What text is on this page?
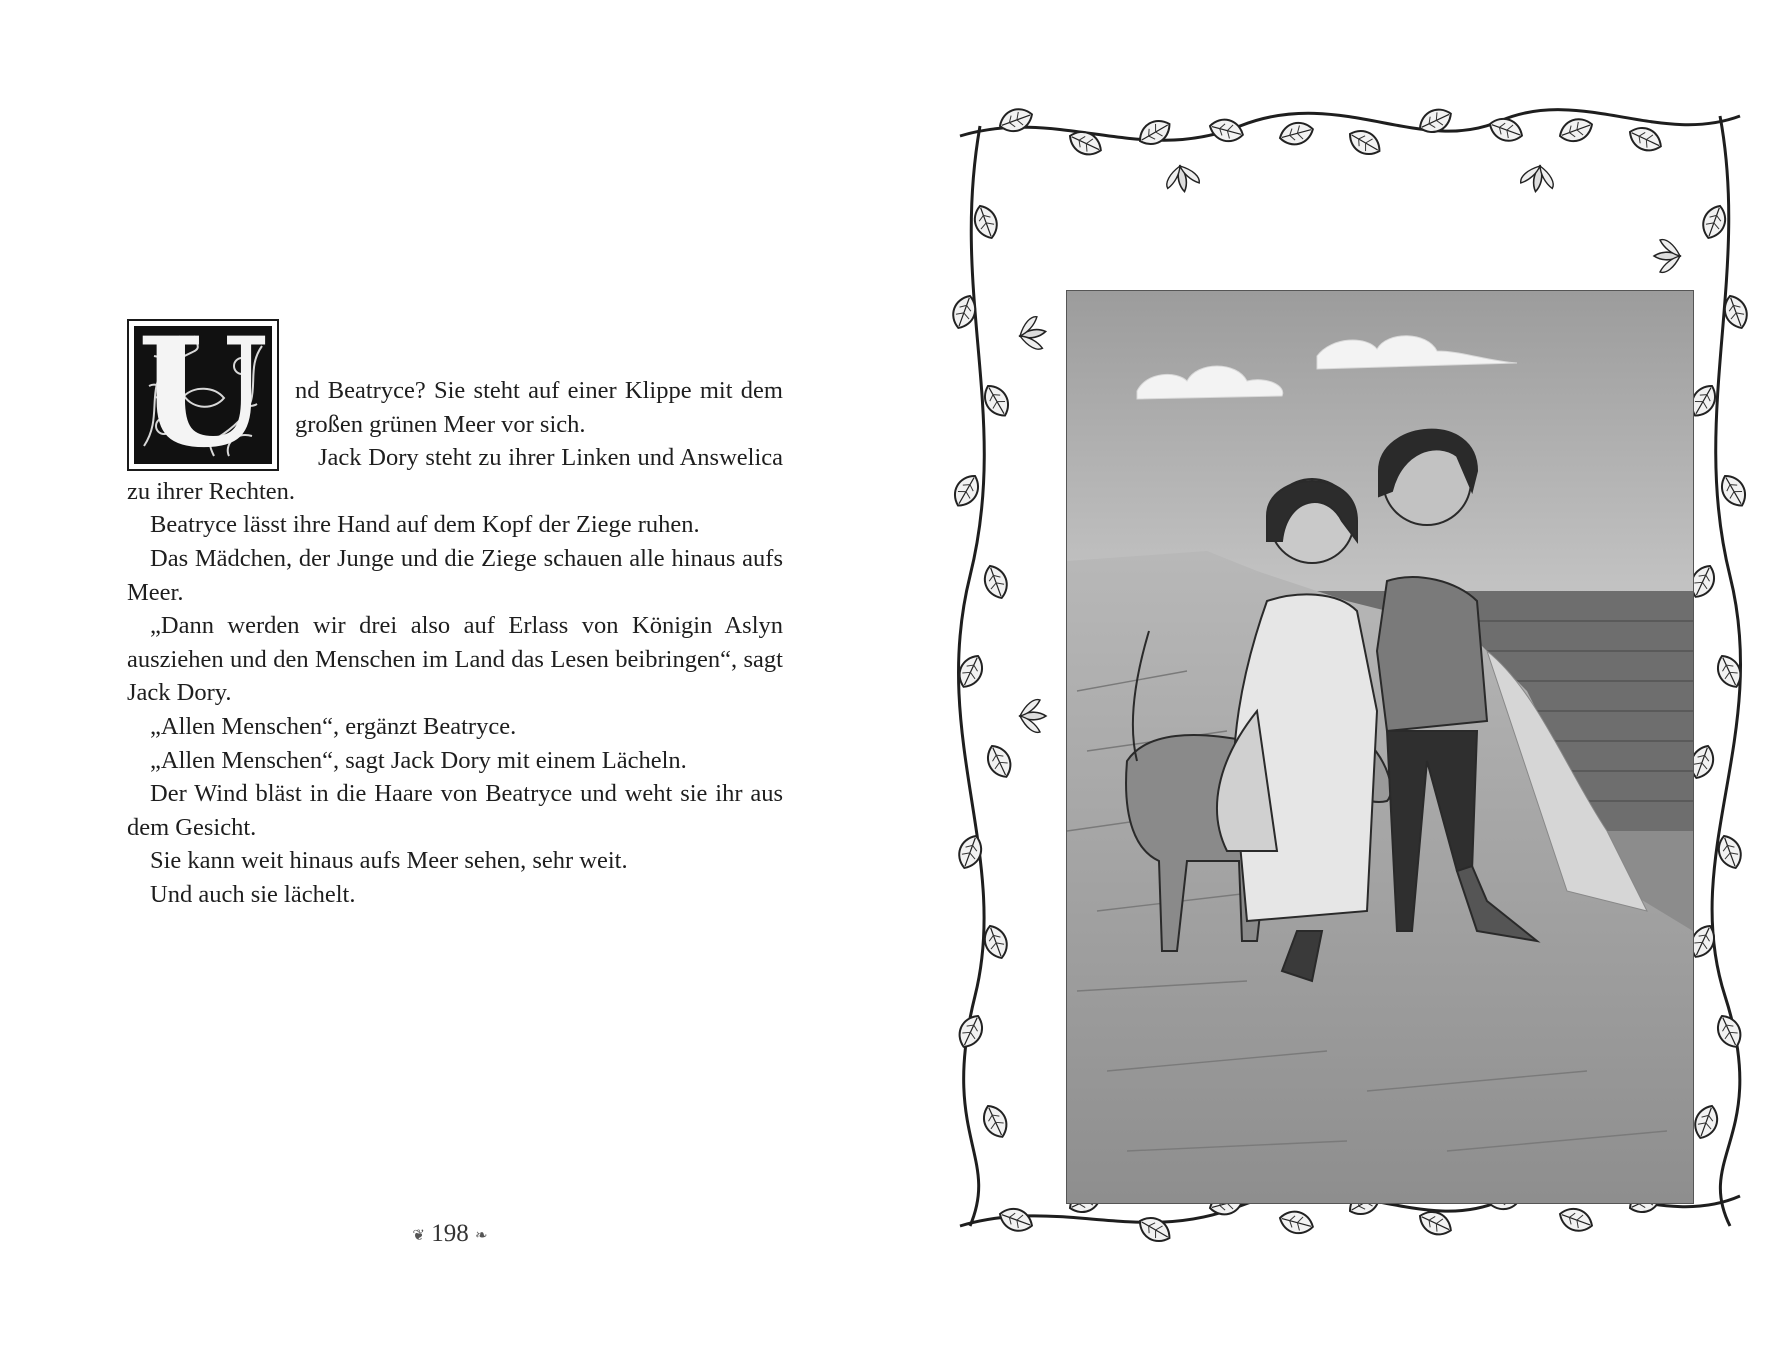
U	nd Beatryce? Sie steht auf einer Klippe mit dem großen grünen Meer vor sich.

Jack Dory steht zu ihrer Linken und Answelica zu ihrer Rechten.

Beatryce lässt ihre Hand auf dem Kopf der Ziege ruhen.

Das Mädchen, der Junge und die Ziege schauen alle hinaus aufs Meer.

„Dann werden wir drei also auf Erlass von Königin Aslyn ausziehen und den Menschen im Land das Lesen beibringen“, sagt Jack Dory.

„Allen Menschen“, ergänzt Beatryce.

„Allen Menschen“, sagt Jack Dory mit einem Lächeln.

Der Wind bläst in die Haare von Beatryce und weht sie ihr aus dem Gesicht.

Sie kann weit hinaus aufs Meer sehen, sehr weit.

Und auch sie lächelt.

❦ 198 ❧
